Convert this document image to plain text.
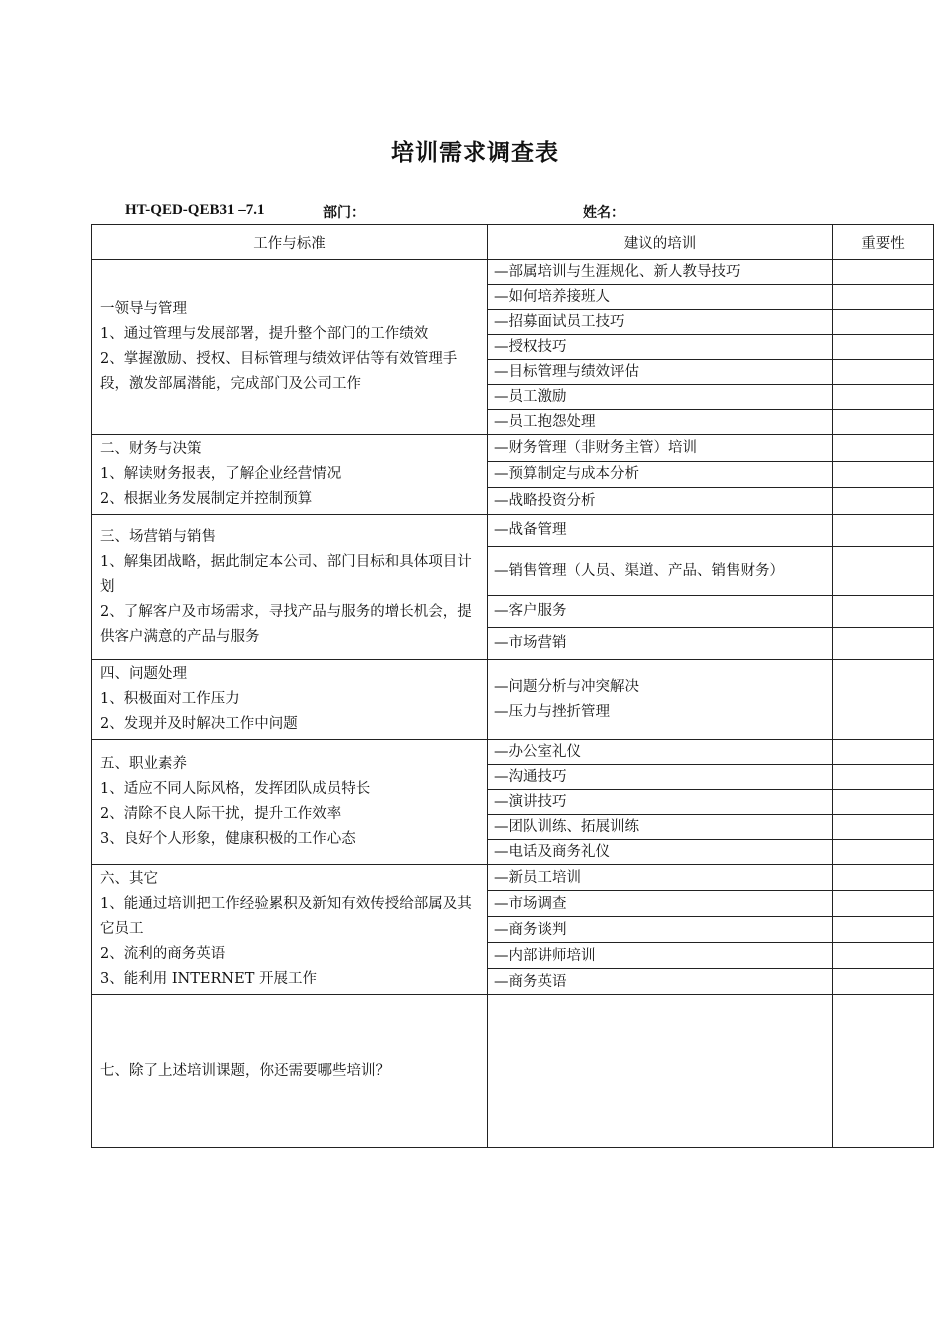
培训需求调查表
HT-QED-QEB31 –7.1	部门：	姓名：
工作与标准	建议的培训	重要性

一领导与管理
1、通过管理与发展部署，提升整个部门的工作绩效
2、掌握激励、授权、目标管理与绩效评估等有效管理手段，激发部属潜能，完成部门及公司工作	—部属培训与生涯规化、新人教导技巧	
	—如何培养接班人	
	—招募面试员工技巧	
	—授权技巧	
	—目标管理与绩效评估	
	—员工激励	
	—员工抱怨处理	

二、财务与决策
1、解读财务报表，了解企业经营情况
2、根据业务发展制定并控制预算	—财务管理（非财务主管）培训	
	—预算制定与成本分析	
	—战略投资分析	

三、场营销与销售
1、解集团战略，据此制定本公司、部门目标和具体项目计划
2、了解客户及市场需求，寻找产品与服务的增长机会，提供客户满意的产品与服务	—战备管理	
	—销售管理（人员、渠道、产品、销售财务）	
	—客户服务	
	—市场营销	

四、问题处理
1、积极面对工作压力
2、发现并及时解决工作中问题	—问题分析与冲突解决
—压力与挫折管理	

五、职业素养
1、适应不同人际风格，发挥团队成员特长
2、清除不良人际干扰，提升工作效率
3、良好个人形象，健康积极的工作心态	—办公室礼仪	
	—沟通技巧	
	—演讲技巧	
	—团队训练、拓展训练	
	—电话及商务礼仪	

六、其它
1、能通过培训把工作经验累积及新知有效传授给部属及其它员工
2、流利的商务英语
3、能利用 INTERNET 开展工作	—新员工培训	
	—市场调查	
	—商务谈判	
	—内部讲师培训	
	—商务英语	
七、除了上述培训课题，你还需要哪些培训？		
